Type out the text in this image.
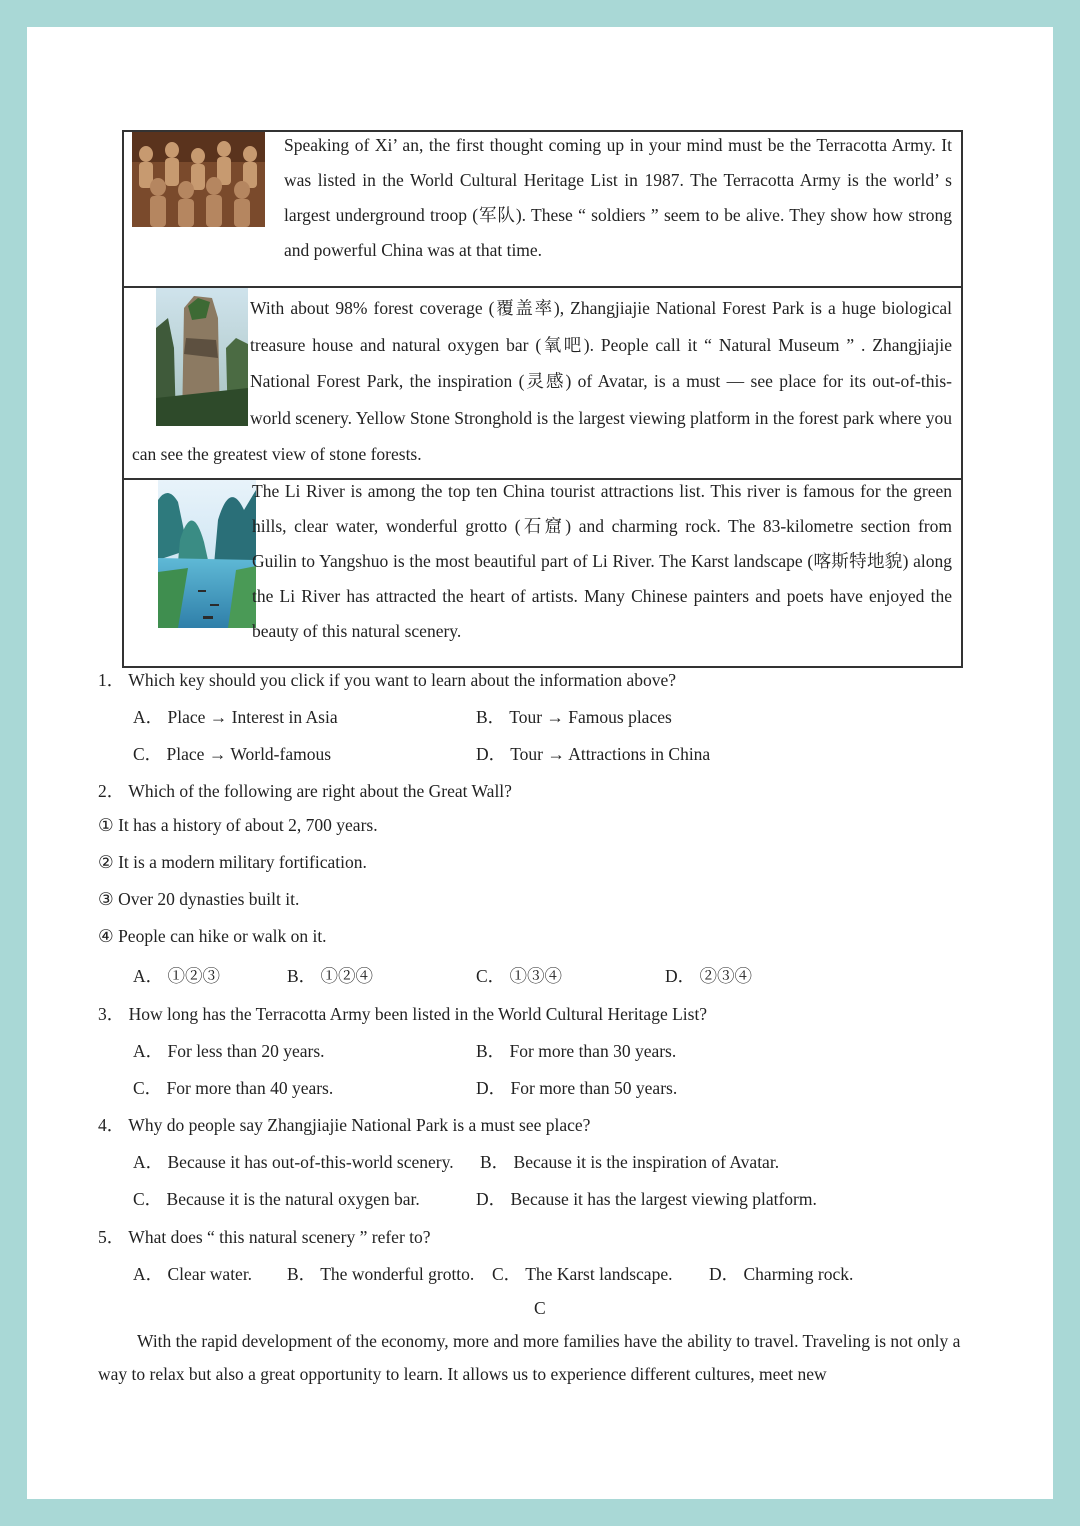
Speaking of Xi’ an, the first thought coming up in your mind must be the Terracotta Army. It was listed in the World Cultural Heritage List in 1987. The Terracotta Army is the world’ s largest underground troop (军队). These “ soldiers ” seem to be alive. They show how strong and powerful China was at that time.
With about 98% forest coverage (覆盖率), Zhangjiajie National Forest Park is a huge biological treasure house and natural oxygen bar (氧吧). People call it “ Natural Museum ” . Zhangjiajie National Forest Park, the inspiration (灵感) of Avatar, is a must — see place for its out-of-this-world scenery. Yellow Stone Stronghold is the largest viewing platform in the forest park where you can see the greatest view of stone forests.
The Li River is among the top ten China tourist attractions list. This river is famous for the green hills, clear water, wonderful grotto (石窟) and charming rock. The 83-kilometre section from Guilin to Yangshuo is the most beautiful part of Li River. The Karst landscape (喀斯特地貌) along the Li River has attracted the heart of artists. Many Chinese painters and poets have enjoyed the beauty of this natural scenery.
1． Which key should you click if you want to learn about the information above?
A． Place → Interest in Asia	B． Tour → Famous places
C． Place → World-famous	D． Tour → Attractions in China
2． Which of the following are right about the Great Wall?
① It has a history of about 2, 700 years.
② It is a modern military fortification.
③ Over 20 dynasties built it.
④ People can hike or walk on it.
A． ①②③	B． ①②④	C． ①③④	D． ②③④
3． How long has the Terracotta Army been listed in the World Cultural Heritage List?
A． For less than 20 years.	B． For more than 30 years.
C． For more than 40 years.	D． For more than 50 years.
4． Why do people say Zhangjiajie National Park is a must see place?
A． Because it has out-of-this-world scenery. B． Because it is the inspiration of Avatar.
C． Because it is the natural oxygen bar.	D． Because it has the largest viewing platform.
5． What does “ this natural scenery ” refer to?
A． Clear water. B． The wonderful grotto. C． The Karst landscape. D． Charming rock.
C

With the rapid development of the economy, more and more families have the ability to travel. Traveling is not only a way to relax but also a great opportunity to learn. It allows us to experience different cultures, meet new
